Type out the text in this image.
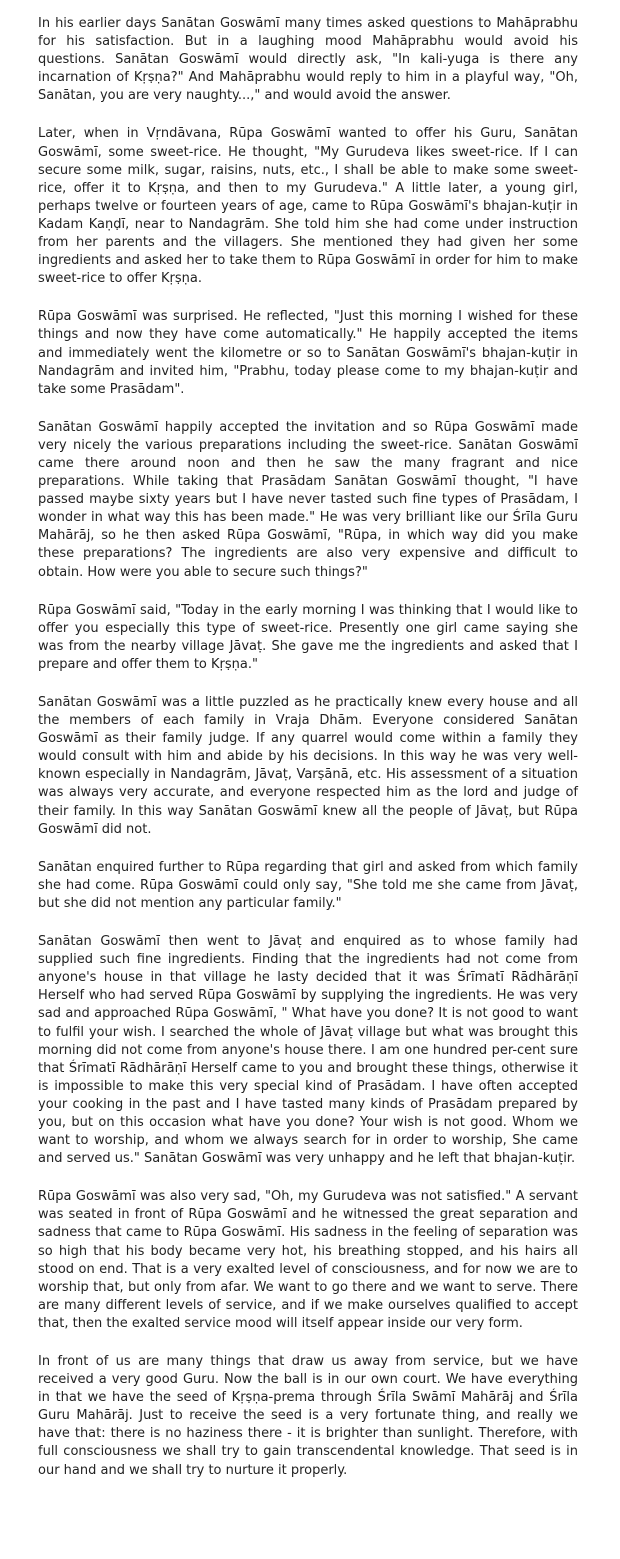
In his earlier days Sanātan Goswāmī many times asked questions to Mahāprabhu for his satisfaction. But in a laughing mood Mahāprabhu would avoid his questions. Sanātan Goswāmī would directly ask, "In kali-yuga is there any incarnation of Kṛṣṇa?" And Mahāprabhu would reply to him in a playful way, "Oh, Sanātan, you are very naughty...," and would avoid the answer.

Later, when in Vṛndāvana, Rūpa Goswāmī wanted to offer his Guru, Sanātan Goswāmī, some sweet-rice. He thought, "My Gurudeva likes sweet-rice. If I can secure some milk, sugar, raisins, nuts, etc., I shall be able to make some sweet-rice, offer it to Kṛṣṇa, and then to my Gurudeva." A little later, a young girl, perhaps twelve or fourteen years of age, came to Rūpa Goswāmī's bhajan-kuṭir in Kadam Kaṇḍī, near to Nandagrām. She told him she had come under instruction from her parents and the villagers. She mentioned they had given her some ingredients and asked her to take them to Rūpa Goswāmī in order for him to make sweet-rice to offer Kṛṣṇa.

Rūpa Goswāmī was surprised. He reflected, "Just this morning I wished for these things and now they have come automatically." He happily accepted the items and immediately went the kilometre or so to Sanātan Goswāmī's bhajan-kuṭir in Nandagrām and invited him, "Prabhu, today please come to my bhajan-kuṭir and take some Prasādam".

Sanātan Goswāmī happily accepted the invitation and so Rūpa Goswāmī made very nicely the various preparations including the sweet-rice. Sanātan Goswāmī came there around noon and then he saw the many fragrant and nice preparations. While taking that Prasādam Sanātan Goswāmī thought, "I have passed maybe sixty years but I have never tasted such fine types of Prasādam, I wonder in what way this has been made." He was very brilliant like our Śrīla Guru Mahārāj, so he then asked Rūpa Goswāmī, "Rūpa, in which way did you make these preparations? The ingredients are also very expensive and difficult to obtain. How were you able to secure such things?"

Rūpa Goswāmī said, "Today in the early morning I was thinking that I would like to offer you especially this type of sweet-rice. Presently one girl came saying she was from the nearby village Jāvaṭ. She gave me the ingredients and asked that I prepare and offer them to Kṛṣṇa."

Sanātan Goswāmī was a little puzzled as he practically knew every house and all the members of each family in Vraja Dhām. Everyone considered Sanātan Goswāmī as their family judge. If any quarrel would come within a family they would consult with him and abide by his decisions. In this way he was very well-known especially in Nandagrām, Jāvaṭ, Varṣānā, etc. His assessment of a situation was always very accurate, and everyone respected him as the lord and judge of their family. In this way Sanātan Goswāmī knew all the people of Jāvaṭ, but Rūpa Goswāmī did not.

Sanātan enquired further to Rūpa regarding that girl and asked from which family she had come. Rūpa Goswāmī could only say, "She told me she came from Jāvaṭ, but she did not mention any particular family."

Sanātan Goswāmī then went to Jāvaṭ and enquired as to whose family had supplied such fine ingredients. Finding that the ingredients had not come from anyone's house in that village he lasty decided that it was Śrīmatī Rādhārāṇī Herself who had served Rūpa Goswāmī by supplying the ingredients. He was very sad and approached Rūpa Goswāmī, " What have you done? It is not good to want to fulfil your wish. I searched the whole of Jāvaṭ village but what was brought this morning did not come from anyone's house there. I am one hundred per-cent sure that Śrīmatī Rādhārāṇī Herself came to you and brought these things, otherwise it is impossible to make this very special kind of Prasādam. I have often accepted your cooking in the past and I have tasted many kinds of Prasādam prepared by you, but on this occasion what have you done? Your wish is not good. Whom we want to worship, and whom we always search for in order to worship, She came and served us." Sanātan Goswāmī was very unhappy and he left that bhajan-kuṭir.

Rūpa Goswāmī was also very sad, "Oh, my Gurudeva was not satisfied." A servant was seated in front of Rūpa Goswāmī and he witnessed the great separation and sadness that came to Rūpa Goswāmī. His sadness in the feeling of separation was so high that his body became very hot, his breathing stopped, and his hairs all stood on end. That is a very exalted level of consciousness, and for now we are to worship that, but only from afar. We want to go there and we want to serve. There are many different levels of service, and if we make ourselves qualified to accept that, then the exalted service mood will itself appear inside our very form.

In front of us are many things that draw us away from service, but we have received a very good Guru. Now the ball is in our own court. We have everything in that we have the seed of Kṛṣṇa-prema through Śrīla Swāmī Mahārāj and Śrīla Guru Mahārāj. Just to receive the seed is a very fortunate thing, and really we have that: there is no haziness there - it is brighter than sunlight. Therefore, with full consciousness we shall try to gain transcendental knowledge. That seed is in our hand and we shall try to nurture it properly.
